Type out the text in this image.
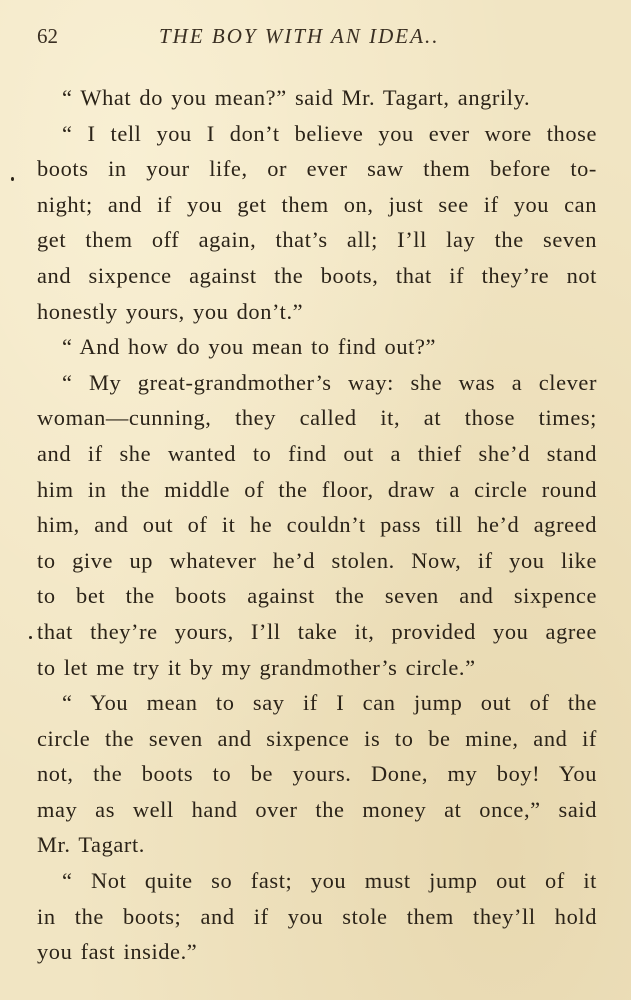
62	THE BOY WITH AN IDEA..
“ What do you mean?” said Mr. Tagart, angrily.
“ I tell you I don’t believe you ever wore those
boots in your life, or ever saw them before to-
night; and if you get them on, just see if you can
get them off again, that’s all; I’ll lay the seven
and sixpence against the boots, that if they’re not
honestly yours, you don’t.”
“ And how do you mean to find out?”
“ My great-grandmother’s way: she was a clever
woman—cunning, they called it, at those times;
and if she wanted to find out a thief she’d stand
him in the middle of the floor, draw a circle round
him, and out of it he couldn’t pass till he’d agreed
to give up whatever he’d stolen. Now, if you like
to bet the boots against the seven and sixpence
that they’re yours, I’ll take it, provided you agree
to let me try it by my grandmother’s circle.”
“ You mean to say if I can jump out of the
circle the seven and sixpence is to be mine, and if
not, the boots to be yours. Done, my boy! You
may as well hand over the money at once,” said
Mr. Tagart.
“ Not quite so fast; you must jump out of it
in the boots; and if you stole them they’ll hold
you fast inside.”
